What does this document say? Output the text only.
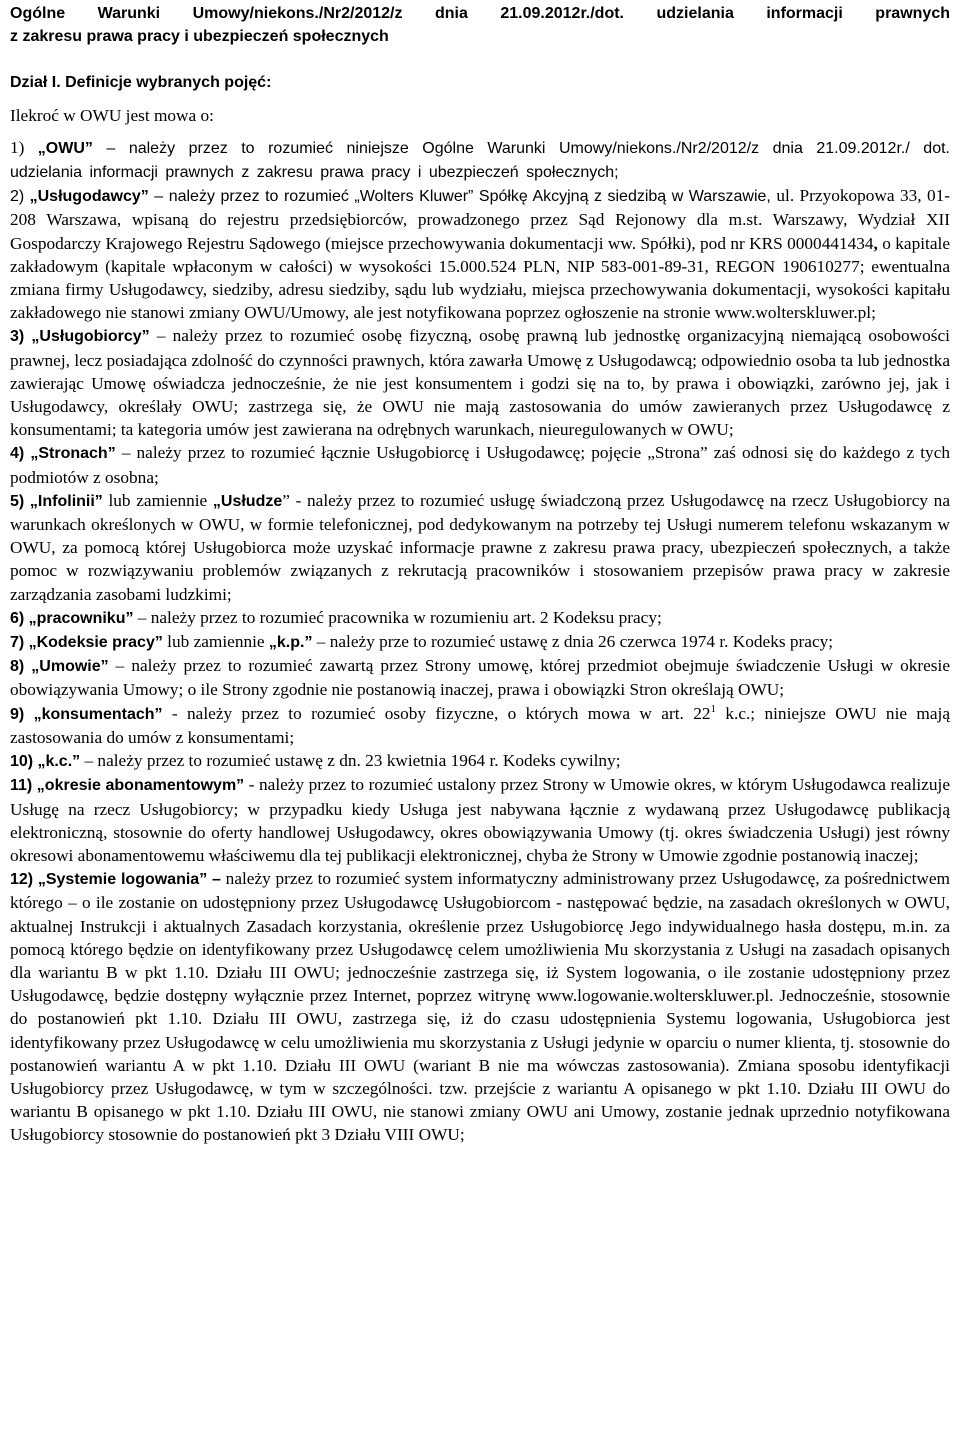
Ogólne Warunki Umowy/niekons./Nr2/2012/z dnia 21.09.2012r./dot. udzielania informacji prawnych

z zakresu prawa pracy i ubezpieczeń społecznych

Dział I. Definicje wybranych pojęć:

Ilekroć w OWU jest mowa o:

1) „OWU” – należy przez to rozumieć niniejsze Ogólne Warunki Umowy/niekons./Nr2/2012/z dnia 21.09.2012r./ dot. udzielania informacji prawnych z zakresu prawa pracy i ubezpieczeń społecznych;

2) „Usługodawcy” – należy przez to rozumieć „Wolters Kluwer” Spółkę Akcyjną z siedzibą w Warszawie, ul. Przyokopowa 33, 01-208 Warszawa, wpisaną do rejestru przedsiębiorców, prowadzonego przez Sąd Rejonowy dla m.st. Warszawy, Wydział XII Gospodarczy Krajowego Rejestru Sądowego (miejsce przechowywania dokumentacji ww. Spółki), pod nr KRS 0000441434, o kapitale zakładowym (kapitale wpłaconym w całości) w wysokości 15.000.524 PLN, NIP 583-001-89-31, REGON 190610277; ewentualna zmiana firmy Usługodawcy, siedziby, adresu siedziby, sądu lub wydziału, miejsca przechowywania dokumentacji, wysokości kapitału zakładowego nie stanowi zmiany OWU/Umowy, ale jest notyfikowana poprzez ogłoszenie na stronie www.wolterskluwer.pl;

3) „Usługobiorcy” – należy przez to rozumieć osobę fizyczną, osobę prawną lub jednostkę organizacyjną niemającą osobowości prawnej, lecz posiadająca zdolność do czynności prawnych, która zawarła Umowę z Usługodawcą; odpowiednio osoba ta lub jednostka zawierając Umowę oświadcza jednocześnie, że nie jest konsumentem i godzi się na to, by prawa i obowiązki, zarówno jej, jak i Usługodawcy, określały OWU; zastrzega się, że OWU nie mają zastosowania do umów zawieranych przez Usługodawcę z konsumentami; ta kategoria umów jest zawierana na odrębnych warunkach, nieuregulowanych w OWU;

4) „Stronach” – należy przez to rozumieć łącznie Usługobiorcę i Usługodawcę; pojęcie „Strona” zaś odnosi się do każdego z tych podmiotów z osobna;

5) „Infolinii” lub zamiennie „Usłudze” - należy przez to rozumieć usługę świadczoną przez Usługodawcę na rzecz Usługobiorcy na warunkach określonych w OWU, w formie telefonicznej, pod dedykowanym na potrzeby tej Usługi numerem telefonu wskazanym w OWU, za pomocą której Usługobiorca może uzyskać informacje prawne z zakresu prawa pracy, ubezpieczeń społecznych, a także pomoc w rozwiązywaniu problemów związanych z rekrutacją pracowników i stosowaniem przepisów prawa pracy w zakresie zarządzania zasobami ludzkimi;

6) „pracowniku” – należy przez to rozumieć pracownika w rozumieniu art. 2 Kodeksu pracy;

7) „Kodeksie pracy” lub zamiennie „k.p.” – należy prze to rozumieć ustawę z dnia 26 czerwca 1974 r. Kodeks pracy;

8) „Umowie” – należy przez to rozumieć zawartą przez Strony umowę, której przedmiot obejmuje świadczenie Usługi w okresie obowiązywania Umowy; o ile Strony zgodnie nie postanowią inaczej, prawa i obowiązki Stron określają OWU;

9) „konsumentach” - należy przez to rozumieć osoby fizyczne, o których mowa w art. $22^1$ k.c.; niniejsze OWU nie mają zastosowania do umów z konsumentami;

10) „k.c.” – należy przez to rozumieć ustawę z dn. 23 kwietnia 1964 r. Kodeks cywilny;

11) „okresie abonamentowym” - należy przez to rozumieć ustalony przez Strony w Umowie okres, w którym Usługodawca realizuje Usługę na rzecz Usługobiorcy; w przypadku kiedy Usługa jest nabywana łącznie z wydawaną przez Usługodawcę publikacją elektroniczną, stosownie do oferty handlowej Usługodawcy, okres obowiązywania Umowy (tj. okres świadczenia Usługi) jest równy okresowi abonamentowemu właściwemu dla tej publikacji elektronicznej, chyba że Strony w Umowie zgodnie postanowią inaczej;

12) „Systemie logowania” – należy przez to rozumieć system informatyczny administrowany przez Usługodawcę, za pośrednictwem którego – o ile zostanie on udostępniony przez Usługodawcę Usługobiorcom - następować będzie, na zasadach określonych w OWU, aktualnej Instrukcji i aktualnych Zasadach korzystania, określenie przez Usługobiorcę Jego indywidualnego hasła dostępu, m.in. za pomocą którego będzie on identyfikowany przez Usługodawcę celem umożliwienia Mu skorzystania z Usługi na zasadach opisanych dla wariantu B w pkt 1.10. Działu III OWU; jednocześnie zastrzega się, iż System logowania, o ile zostanie udostępniony przez Usługodawcę, będzie dostępny wyłącznie przez Internet, poprzez witrynę www.logowanie.wolterskluwer.pl. Jednocześnie, stosownie do postanowień pkt 1.10. Działu III OWU, zastrzega się, iż do czasu udostępnienia Systemu logowania, Usługobiorca jest identyfikowany przez Usługodawcę w celu umożliwienia mu skorzystania z Usługi jedynie w oparciu o numer klienta, tj. stosownie do postanowień wariantu A w pkt 1.10. Działu III OWU (wariant B nie ma wówczas zastosowania). Zmiana sposobu identyfikacji Usługobiorcy przez Usługodawcę, w tym w szczególności. tzw. przejście z wariantu A opisanego w pkt 1.10. Działu III OWU do wariantu B opisanego w pkt 1.10. Działu III OWU, nie stanowi zmiany OWU ani Umowy, zostanie jednak uprzednio notyfikowana Usługobiorcy stosownie do postanowień pkt 3 Działu VIII OWU;
